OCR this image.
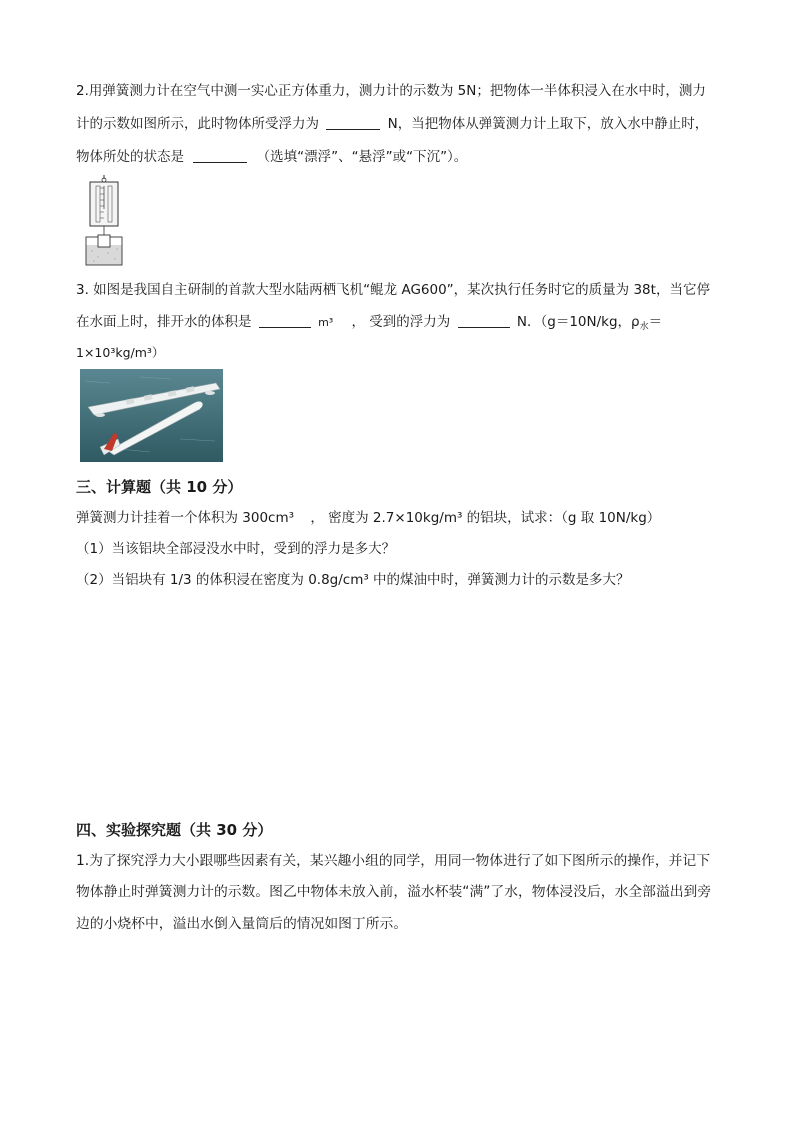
2.用弹簧测力计在空气中测一实心正方体重力，测力计的示数为 5N；把物体一半体积浸入在水中时，测力
计的示数如图所示，此时物体所受浮力为	N，当把物体从弹簧测力计上取下，放入水中静止时，
物体所处的状态是	（选填“漂浮”、“悬浮”或“下沉”）。
3. 如图是我国自主研制的首款大型水陆两栖飞机“鲲龙 AG600”，某次执行任务时它的质量为 38t，当它停
在水面上时，排开水的体积是	m³ ， 受到的浮力为	N．（g＝10N/kg，$\rho_水=$
1×10³kg/m³）
三、计算题（共 10 分）
弹簧测力计挂着一个体积为 300cm³ ， 密度为 2.7×10kg/m³ 的铝块，试求：（g 取 10N/kg）
（1）当该铝块全部浸没水中时，受到的浮力是多大？
（2）当铝块有 1/3 的体积浸在密度为 0.8g/cm³ 中的煤油中时，弹簧测力计的示数是多大？
四、实验探究题（共 30 分）
1.为了探究浮力大小跟哪些因素有关，某兴趣小组的同学，用同一物体进行了如下图所示的操作，并记下
物体静止时弹簧测力计的示数。图乙中物体未放入前，溢水杯装“满”了水，物体浸没后，水全部溢出到旁
边的小烧杯中，溢出水倒入量筒后的情况如图丁所示。
